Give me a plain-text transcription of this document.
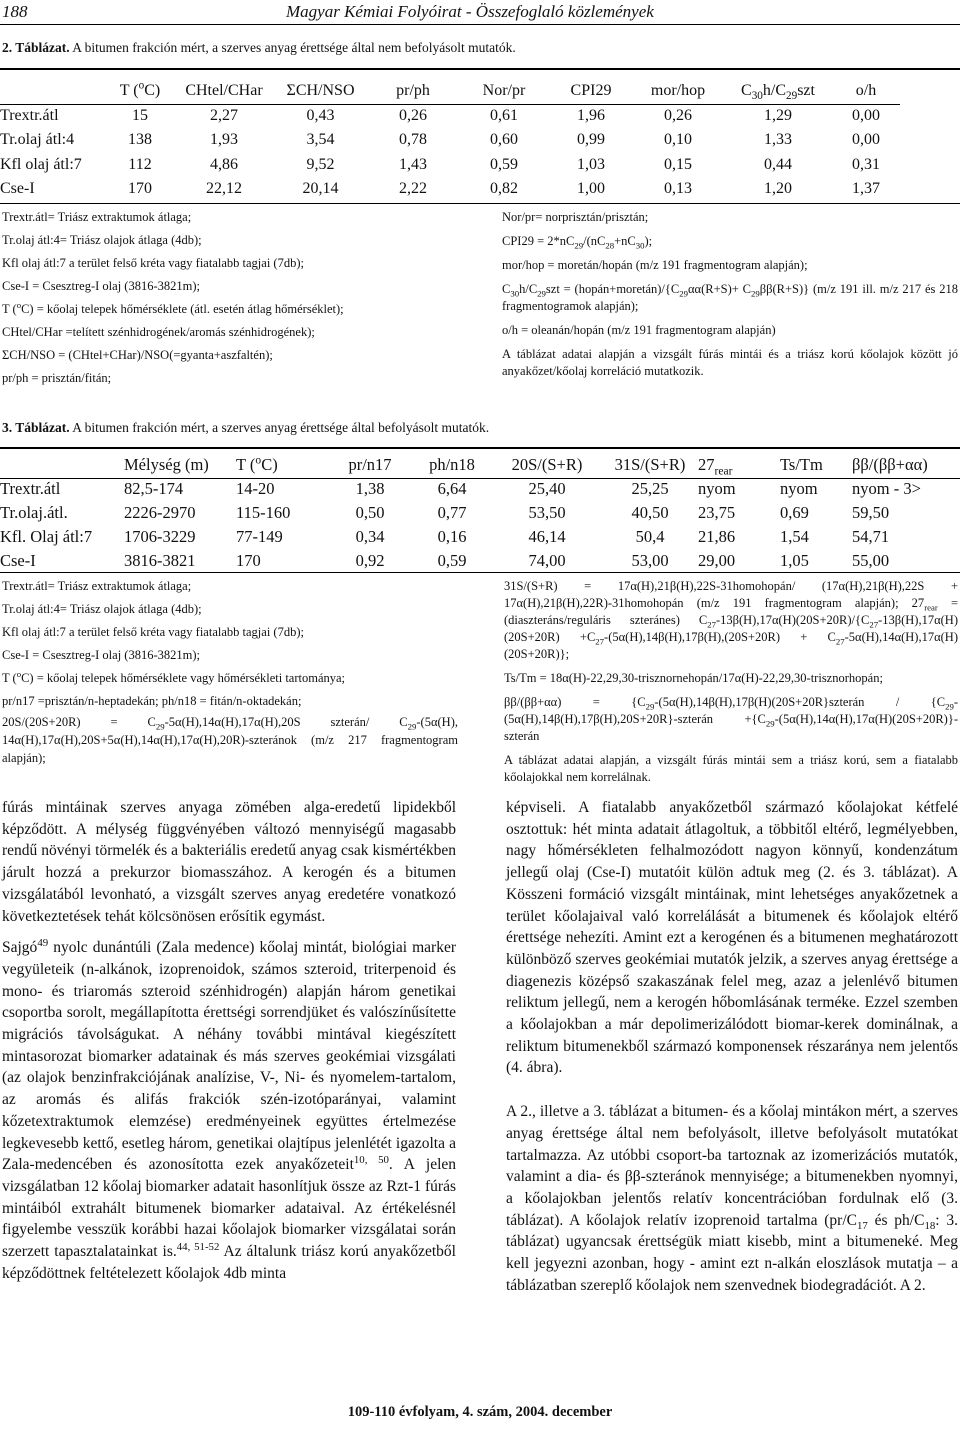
188	Magyar Kémiai Folyóirat - Összefoglaló közlemények
2. Táblázat. A bitumen frakción mért, a szerves anyag érettsége által nem befolyásolt mutatók.
	T ($^o$C)	CHtel/CHar	ΣCH/NSO	pr/ph	Nor/pr	CPI29	mor/hop	$C_{30}h/C_{29}szt$	o/h
Trextr.átl	15	2,27	0,43	0,26	0,61	1,96	0,26	1,29	0,00
Tr.olaj átl:4	138	1,93	3,54	0,78	0,60	0,99	0,10	1,33	0,00
Kfl olaj átl:7	112	4,86	9,52	1,43	0,59	1,03	0,15	0,44	0,31
Cse-I	170	22,12	20,14	2,22	0,82	1,00	0,13	1,20	1,37
Trextr.átl= Triász extraktumok átlaga;
Tr.olaj átl:4= Triász olajok átlaga (4db);
Kfl olaj átl:7 a terület felső kréta vagy fiatalabb tagjai (7db);
Cse-I = Csesztreg-I olaj (3816-3821m);
T ($^o$C) = kőolaj telepek hőmérséklete (átl. esetén átlag hőmérséklet);
CHtel/CHar =telített szénhidrogének/aromás szénhidrogének);
ΣCH/NSO = (CHtel+CHar)/NSO(=gyanta+aszfaltén);
pr/ph = prisztán/fitán;

Nor/pr= norprisztán/prisztán;

$CPI29 = 2*nC_{29}/(nC_{28}+nC_{30})$;

mor/hop = moretán/hopán (m/z 191 fragmentogram alapján);

$C_{30}h/C_{29}szt$ = $(hopán+moretán)/\{C_{29}\alpha\alpha(R+S)+ C_{29}\beta\beta(R+S)\}$ (m/z 191 ill. m/z 217 és 218 fragmentogramok alapján);

o/h = oleanán/hopán (m/z 191 fragmentogram alapján)

A táblázat adatai alapján a vizsgált fúrás mintái és a triász korú kőolajok között jó anyakőzet/kőolaj korreláció mutatkozik.

3. Táblázat. A bitumen frakción mért, a szerves anyag érettsége által befolyásolt mutatók.
	Mélység (m)	T ($^o$C)	pr/n17	ph/n18	20S/(S+R)	31S/(S+R)	$27_{rear}$	Ts/Tm	ββ/(ββ+αα)
Trextr.átl	82,5-174	14-20	1,38	6,64	25,40	25,25	nyom	nyom	nyom - 3>
Tr.olaj.átl.	2226-2970	115-160	0,50	0,77	53,50	40,50	23,75	0,69	59,50
Kfl. Olaj átl:7	1706-3229	77-149	0,34	0,16	46,14	50,4	21,86	1,54	54,71
Cse-I	3816-3821	170	0,92	0,59	74,00	53,00	29,00	1,05	55,00
Trextr.átl= Triász extraktumok átlaga;
Tr.olaj átl:4= Triász olajok átlaga (4db);
Kfl olaj átl:7 a terület felső kréta vagy fiatalabb tagjai (7db);
Cse-I = Csesztreg-I olaj (3816-3821m);
T ($^o$C) = kőolaj telepek hőmérséklete vagy hőmérsékleti tartománya;
pr/n17 =prisztán/n-heptadekán; ph/n18 = fitán/n-oktadekán;
$20S/(20S+20R) = C_{29}-5\alpha(H),14\alpha(H),17\alpha(H),20S$ szterán/ $C_{29}-(5\alpha(H)$, 14α(H),17α(H),20S+5α(H),14α(H),17α(H),20R)-szteránok (m/z 217 fragmentogram alapján);

31S/(S+R) = 17α(H),21β(H),22S-31homohopán/ (17α(H),21β(H),22S + 17α(H),21β(H),22R)-31homohopán (m/z 191 fragmentogram alapján); $27_{rear}$ = (diaszteráns/reguláris szteránes) $C_{27}-13\beta(H),17\alpha(H)(20S+20R)/\{C_{27}-13\beta(H),17\alpha(H)(20S+20R) +C_{27}-(5\alpha(H),14\beta(H),17\beta(H),(20S+20R) + C_{27}-5\alpha(H),14\alpha(H),17\alpha(H)(20S+20R)\}$;

Ts/Tm = 18α(H)-22,29,30-trisznornehopán/17α(H)-22,29,30-trisznorhopán;

$\beta\beta/(\beta\beta+\alpha\alpha) = \{C_{29}-(5\alpha(H),14\beta(H),17\beta(H)(20S+20R\}szterán$ / {$C_{29}-(5\alpha(H),14\beta(H),17\beta(H),20S+20R\}$-szterán $+\{C_{29}-(5\alpha(H),14\alpha(H),17\alpha(H)(20S+20R)\}$-szterán

A táblázat adatai alapján, a vizsgált fúrás mintái sem a triász korú, sem a fiatalabb kőolajokkal nem korrelálnak.

fúrás mintáinak szerves anyaga zömében alga-eredetű lipidekből képződött. A mélység függvényében változó mennyiségű magasabb rendű növényi törmelék és a bakteriális eredetű anyag csak kismértékben járult hozzá a prekurzor biomasszához. A kerogén és a bitumen vizsgálatából levonható, a vizsgált szerves anyag eredetére vonatkozó következtetések tehát kölcsönösen erősítik egymást.

Sajgó$^{49}$ nyolc dunántúli (Zala medence) kőolaj mintát, biológiai marker vegyületeik (n-alkánok, izoprenoidok, számos szteroid, triterpenoid és mono- és triaromás szteroid szénhidrogén) alapján három genetikai csoportba sorolt, megállapította érettségi sorrendjüket és valószínűsítette migrációs távolságukat. A néhány további mintával kiegészített mintasorozat biomarker adatainak és más szerves geokémiai vizsgálati (az olajok benzinfrakciójának analízise, V-, Ni- és nyomelem-tartalom, az aromás és alifás frakciók szén-izotóparányai, valamint kőzetextraktumok elemzése) eredményeinek együttes értelmezése legkevesebb kettő, esetleg három, genetikai olajtípus jelenlétét igazolta a Zala-medencében és azonosította ezek anyakőzeteit$^{10, 50}$. A jelen vizsgálatban 12 kőolaj biomarker adatait hasonlítjuk össze az Rzt-1 fúrás mintáiból extrahált bitumenek biomarker adataival. Az értékelésnél figyelembe vesszük korábbi hazai kőolajok biomarker vizsgálatai során szerzett tapasztalatainkat is.$^{44, 51-52}$ Az általunk triász korú anyakőzetből képződöttnek feltételezett kőolajok 4db minta

képviseli. A fiatalabb anyakőzetből származó kőolajokat kétfelé osztottuk: hét minta adatait átlagoltuk, a többitől eltérő, legmélyebben, nagy hőmérsékleten felhalmozódott nagyon könnyű, kondenzátum jellegű olaj (Cse-I) mutatóit külön adtuk meg (2. és 3. táblázat). A Kösszeni formáció vizsgált mintáinak, mint lehetséges anyakőzetnek a terület kőolajaival való korrelálását a bitumenek és kőolajok eltérő érettsége nehezíti. Amint ezt a kerogénen és a bitumenen meghatározott különböző szerves geokémiai mutatók jelzik, a szerves anyag érettsége a diagenezis középső szakaszának felel meg, azaz a jelenlévő bitumen reliktum jellegű, nem a kerogén hőbomlásának terméke. Ezzel szemben a kőolajokban a már depolimerizálódott biomar-kerek dominálnak, a reliktum bitumenekből származó komponensek részaránya nem jelentős (4. ábra).

A 2., illetve a 3. táblázat a bitumen- és a kőolaj mintákon mért, a szerves anyag érettsége által nem befolyásolt, illetve befolyásolt mutatókat tartalmazza. Az utóbbi csoport-ba tartoznak az izomerizációs mutatók, valamint a dia- és ββ-szteránok mennyisége; a bitumenekben nyomnyi, a kőolajokban jelentős relatív koncentrációban fordulnak elő (3. táblázat). A kőolajok relatív izoprenoid tartalma ($pr/C_{17}$ és $ph/C_{18}$: 3. táblázat) ugyancsak érettségük miatt kisebb, mint a bitumeneké. Meg kell jegyezni azonban, hogy - amint ezt n-alkán eloszlások mutatja – a táblázatban szereplő kőolajok nem szenvednek biodegradációt. A 2.

109-110 évfolyam, 4. szám, 2004. december
